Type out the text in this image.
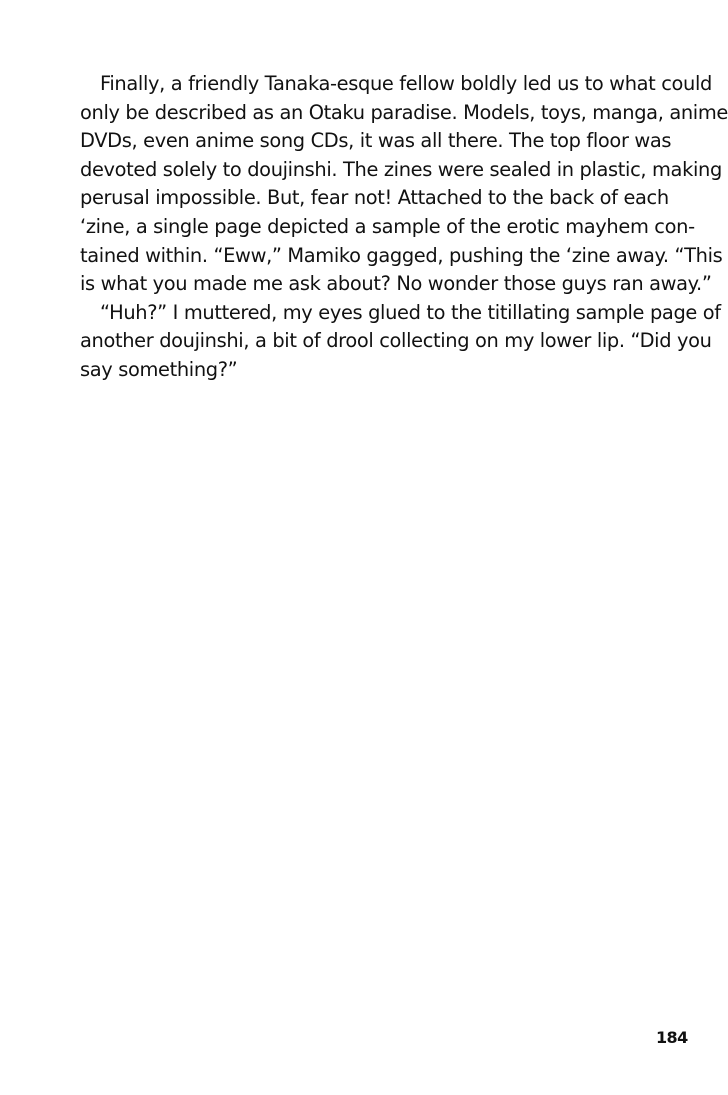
Finally, a friendly Tanaka-esque fellow boldly led us to what could
only be described as an Otaku paradise. Models, toys, manga, anime
DVDs, even anime song CDs, it was all there. The top floor was
devoted solely to doujinshi. The zines were sealed in plastic, making
perusal impossible. But, fear not! Attached to the back of each
‘zine, a single page depicted a sample of the erotic mayhem con-
tained within. “Eww,” Mamiko gagged, pushing the ‘zine away. “This
is what you made me ask about? No wonder those guys ran away.”
“Huh?” I muttered, my eyes glued to the titillating sample page of
another doujinshi, a bit of drool collecting on my lower lip. “Did you
say something?”
184
